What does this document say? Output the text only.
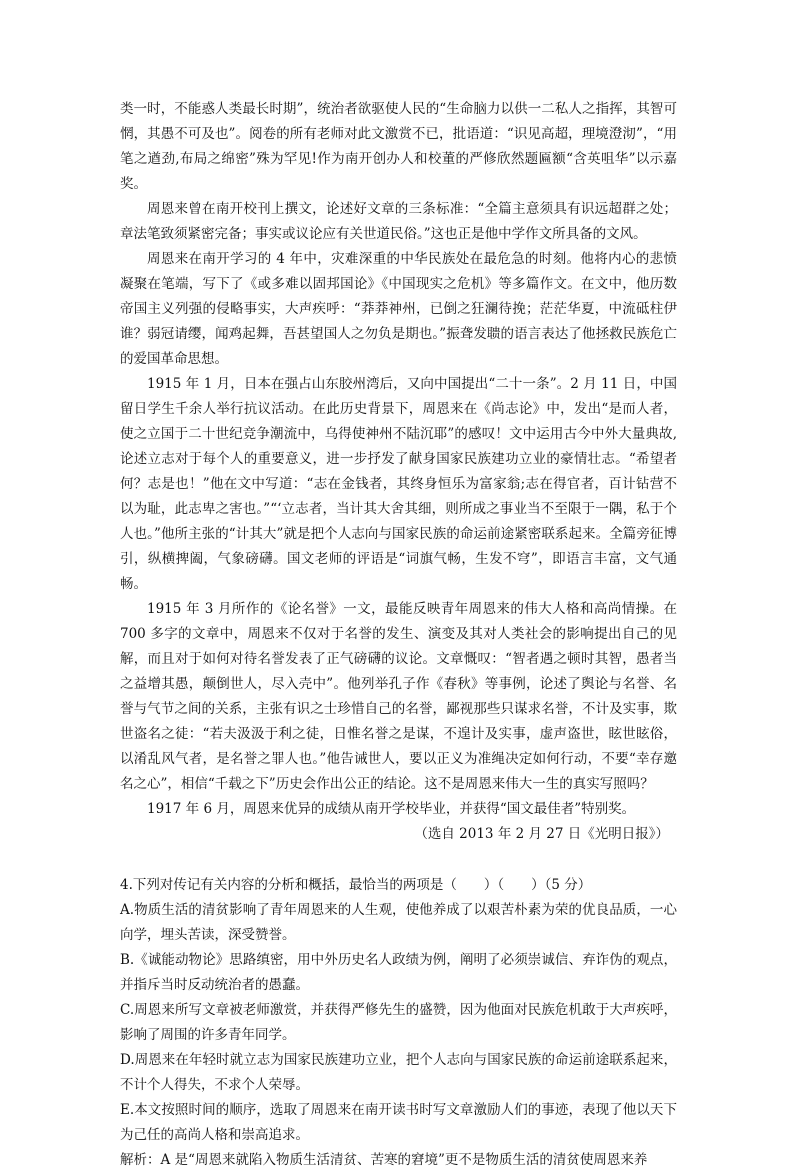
类一时，不能惑人类最长时期”，统治者欲驱使人民的“生命脑力以供一二私人之指挥，其智可惘，其愚不可及也”。阅卷的所有老师对此文激赏不已，批语道：“识见高超，理境澄沏”，“用笔之遒劲,布局之绵密”殊为罕见!作为南开创办人和校董的严修欣然题匾额“含英咀华”以示嘉奖。

周恩来曾在南开校刊上撰文，论述好文章的三条标准：“全篇主意须具有识远超群之处；章法笔致须紧密完备；事实或议论应有关世道民俗。”这也正是他中学作文所具备的文风。

周恩来在南开学习的 4 年中，灾难深重的中华民族处在最危急的时刻。他将内心的悲愤凝聚在笔端，写下了《或多难以固邦国论》《中国现实之危机》等多篇作文。在文中，他历数帝国主义列强的侵略事实，大声疾呼：“莽莽神州，已倒之狂澜待挽；茫茫华夏，中流砥柱伊谁？弱冠请缨，闻鸡起舞，吾甚望国人之勿负是期也。”振聋发聩的语言表达了他拯救民族危亡的爱国革命思想。

1915 年 1 月，日本在强占山东胶州湾后，又向中国提出“二十一条”。2 月 11 日，中国留日学生千余人举行抗议活动。在此历史背景下，周恩来在《尚志论》中，发出“是而人者，使之立国于二十世纪竞争潮流中，乌得使神州不陆沉耶”的感叹！文中运用古今中外大量典故,论述立志对于每个人的重要意义，进一步抒发了献身国家民族建功立业的豪情壮志。“希望者何？志是也！”他在文中写道：“志在金钱者，其终身恒乐为富家翁;志在得官者，百计钻营不以为耻，此志卑之害也。”“‘立志者，当计其大舍其细，则所成之事业当不至限于一隅，私于个人也。”他所主张的“计其大”就是把个人志向与国家民族的命运前途紧密联系起来。全篇旁征博引，纵横捭阖，气象磅礴。国文老师的评语是“词旗气畅，生发不穹”，即语言丰富，文气通畅。

1915 年 3 月所作的《论名誉》一文，最能反映青年周恩来的伟大人格和高尚情操。在 700 多字的文章中，周恩来不仅对于名誉的发生、演变及其对人类社会的影响提出自己的见解，而且对于如何对待名誉发表了正气磅礴的议论。文章慨叹：“智者遇之顿时其智，愚者当之益增其愚，颠倒世人，尽入壳中”。他列举孔子作《春秋》等事例，论述了舆论与名誉、名誉与气节之间的关系，主张有识之士珍惜自己的名誉，鄙视那些只谋求名誉，不计及实事，欺世盗名之徒：“若夫汲汲于利之徒，日惟名誉之是谋，不遑计及实事，虚声盗世，眩世眩俗，以淆乱风气者，是名誉之罪人也。”他告诫世人，要以正义为准绳决定如何行动，不要“幸存邀名之心”，相信“千载之下”历史会作出公正的结论。这不是周恩来伟大一生的真实写照吗？

1917 年 6 月，周恩来优异的成绩从南开学校毕业，并获得“国文最佳者”特别奖。

（选自 2013 年 2 月 27 日《光明日报》）

4.下列对传记有关内容的分析和概括，最恰当的两项是（　　）（　　）（5 分）

A.物质生活的清贫影响了青年周恩来的人生观，使他养成了以艰苦朴素为荣的优良品质，一心向学，埋头苦读，深受赞誉。

B.《诚能动物论》思路缜密，用中外历史名人政绩为例，阐明了必须崇诚信、弃诈伪的观点，并指斥当时反动统治者的愚蠢。

C.周恩来所写文章被老师激赏，并获得严修先生的盛赞，因为他面对民族危机敢于大声疾呼，影响了周围的许多青年同学。

D.周恩来在年轻时就立志为国家民族建功立业，把个人志向与国家民族的命运前途联系起来，不计个人得失，不求个人荣辱。

E.本文按照时间的顺序，选取了周恩来在南开读书时写文章激励人们的事迹，表现了他以天下为己任的高尚人格和崇高追求。

解析：A 是“周恩来就陷入物质生活清贫、苦寒的窘境”更不是物质生活的清贫使周恩来养
